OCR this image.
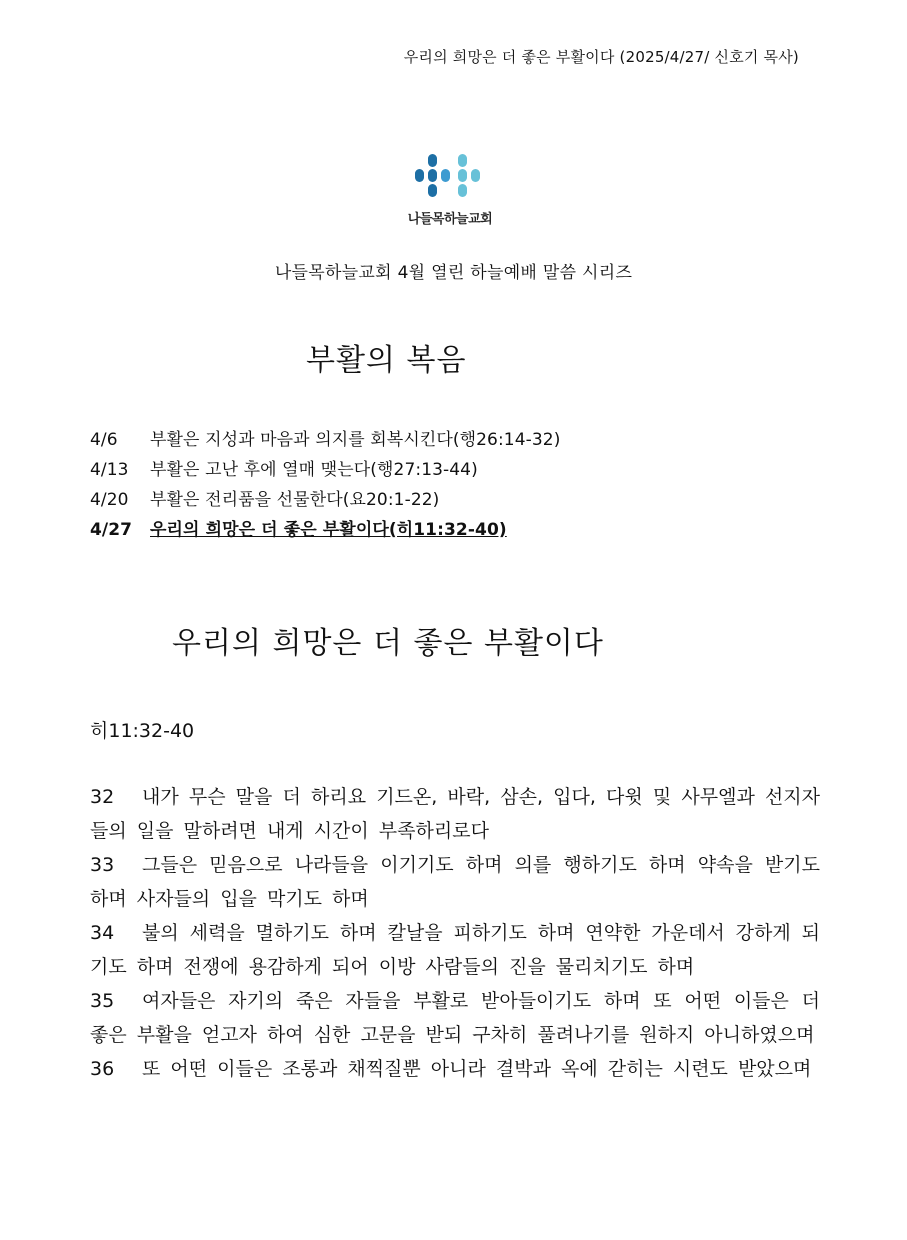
우리의 희망은 더 좋은 부활이다 (2025/4/27/ 신호기 목사)
나들목하늘교회
나들목하늘교회 4월 열린 하늘예배 말씀 시리즈
부활의 복음
4/6 부활은 지성과 마음과 의지를 회복시킨다(행26:14-32)
4/13 부활은 고난 후에 열매 맺는다(행27:13-44)
4/20 부활은 전리품을 선물한다(요20:1-22)
4/27 우리의 희망은 더 좋은 부활이다(히11:32-40)
우리의 희망은 더 좋은 부활이다
히11:32-40

32 내가 무슨 말을 더 하리요 기드온, 바락, 삼손, 입다, 다윗 및 사무엘과 선지자들의 일을 말하려면 내게 시간이 부족하리로다

33 그들은 믿음으로 나라들을 이기기도 하며 의를 행하기도 하며 약속을 받기도 하며 사자들의 입을 막기도 하며

34 불의 세력을 멸하기도 하며 칼날을 피하기도 하며 연약한 가운데서 강하게 되기도 하며 전쟁에 용감하게 되어 이방 사람들의 진을 물리치기도 하며

35 여자들은 자기의 죽은 자들을 부활로 받아들이기도 하며 또 어떤 이들은 더 좋은 부활을 얻고자 하여 심한 고문을 받되 구차히 풀려나기를 원하지 아니하였으며

36 또 어떤 이들은 조롱과 채찍질뿐 아니라 결박과 옥에 갇히는 시련도 받았으며
